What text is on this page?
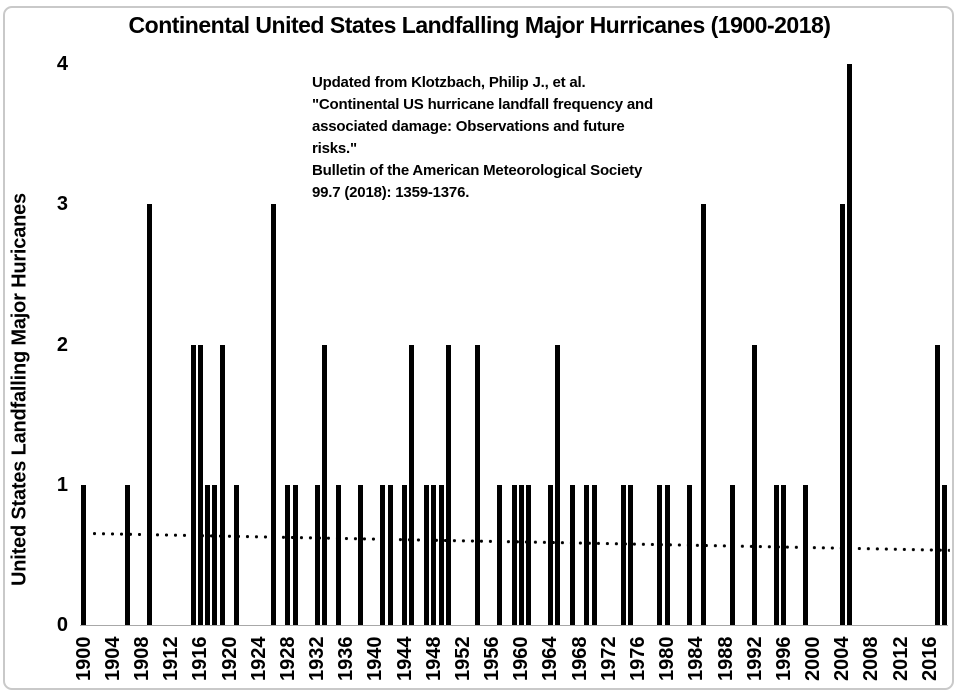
Continental United States Landfalling Major Hurricanes (1900-2018)
Updated from Klotzbach, Philip J., et al.
"Continental US hurricane landfall frequency and
associated damage: Observations and future risks."
Bulletin of the American Meteorological Society
99.7 (2018): 1359-1376.
United States Landfalling Major Huricanes
0
1
2
3
4
1900 1904 1908 1912 1916 1920 1924 1928 1932 1936 1940 1944 1948 1952 1956 1960 1964 1968 1972 1976 1980 1984 1988 1992 1996 2000 2004 2008 2012 2016
